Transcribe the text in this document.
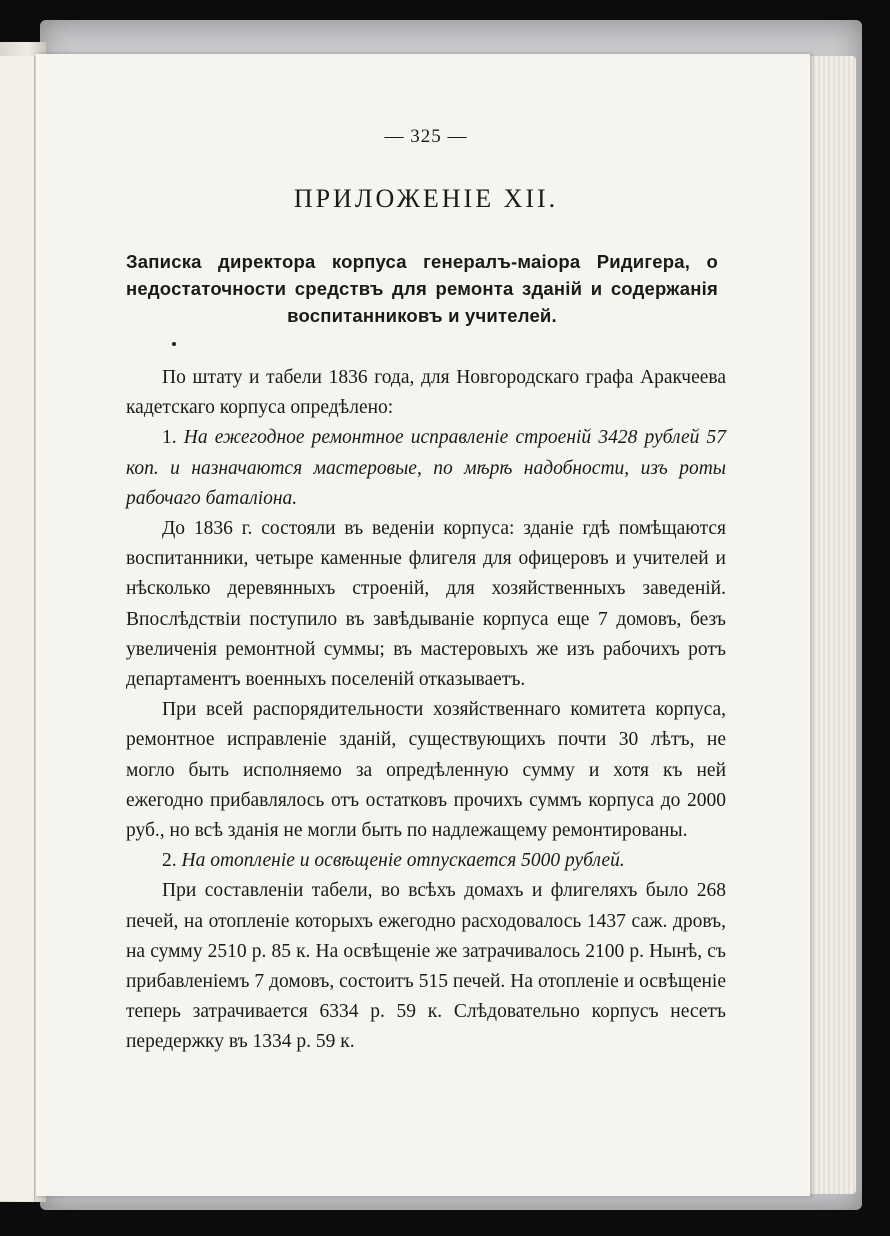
— 325 —

ПРИЛОЖЕНІЕ XII.
Записка директора корпуса генералъ-маіора Ридигера, о недостаточности средствъ для ремонта зданій и содержанія воспитанниковъ и учителей.

По штату и табели 1836 года, для Новгородскаго графа Аракчеева кадетскаго корпуса опредѣлено:

1. На ежегодное ремонтное исправленіе строеній 3428 рублей 57 коп. и назначаются мастеровые, по мѣрѣ надобности, изъ роты рабочаго баталіона.

До 1836 г. состояли въ веденіи корпуса: зданіе гдѣ помѣщаются воспитанники, четыре каменные флигеля для офицеровъ и учителей и нѣсколько деревянныхъ строеній, для хозяйственныхъ заведеній. Впослѣдствіи поступило въ завѣдываніе корпуса еще 7 домовъ, безъ увеличенія ремонтной суммы; въ мастеровыхъ же изъ рабочихъ ротъ департаментъ военныхъ поселеній отказываетъ.

При всей распорядительности хозяйственнаго комитета корпуса, ремонтное исправленіе зданій, существующихъ почти 30 лѣтъ, не могло быть исполняемо за опредѣленную сумму и хотя къ ней ежегодно прибавлялось отъ остатковъ прочихъ суммъ корпуса до 2000 руб., но всѣ зданія не могли быть по надлежащему ремонтированы.

2. На отопленіе и освѣщеніе отпускается 5000 рублей.

При составленіи табели, во всѣхъ домахъ и флигеляхъ было 268 печей, на отопленіе которыхъ ежегодно расходовалось 1437 саж. дровъ, на сумму 2510 р. 85 к. На освѣщеніе же затрачивалось 2100 р. Нынѣ, съ прибавленіемъ 7 домовъ, состоитъ 515 печей. На отопленіе и освѣщеніе теперь затрачивается 6334 р. 59 к. Слѣдовательно корпусъ несетъ передержку въ 1334 р. 59 к.
